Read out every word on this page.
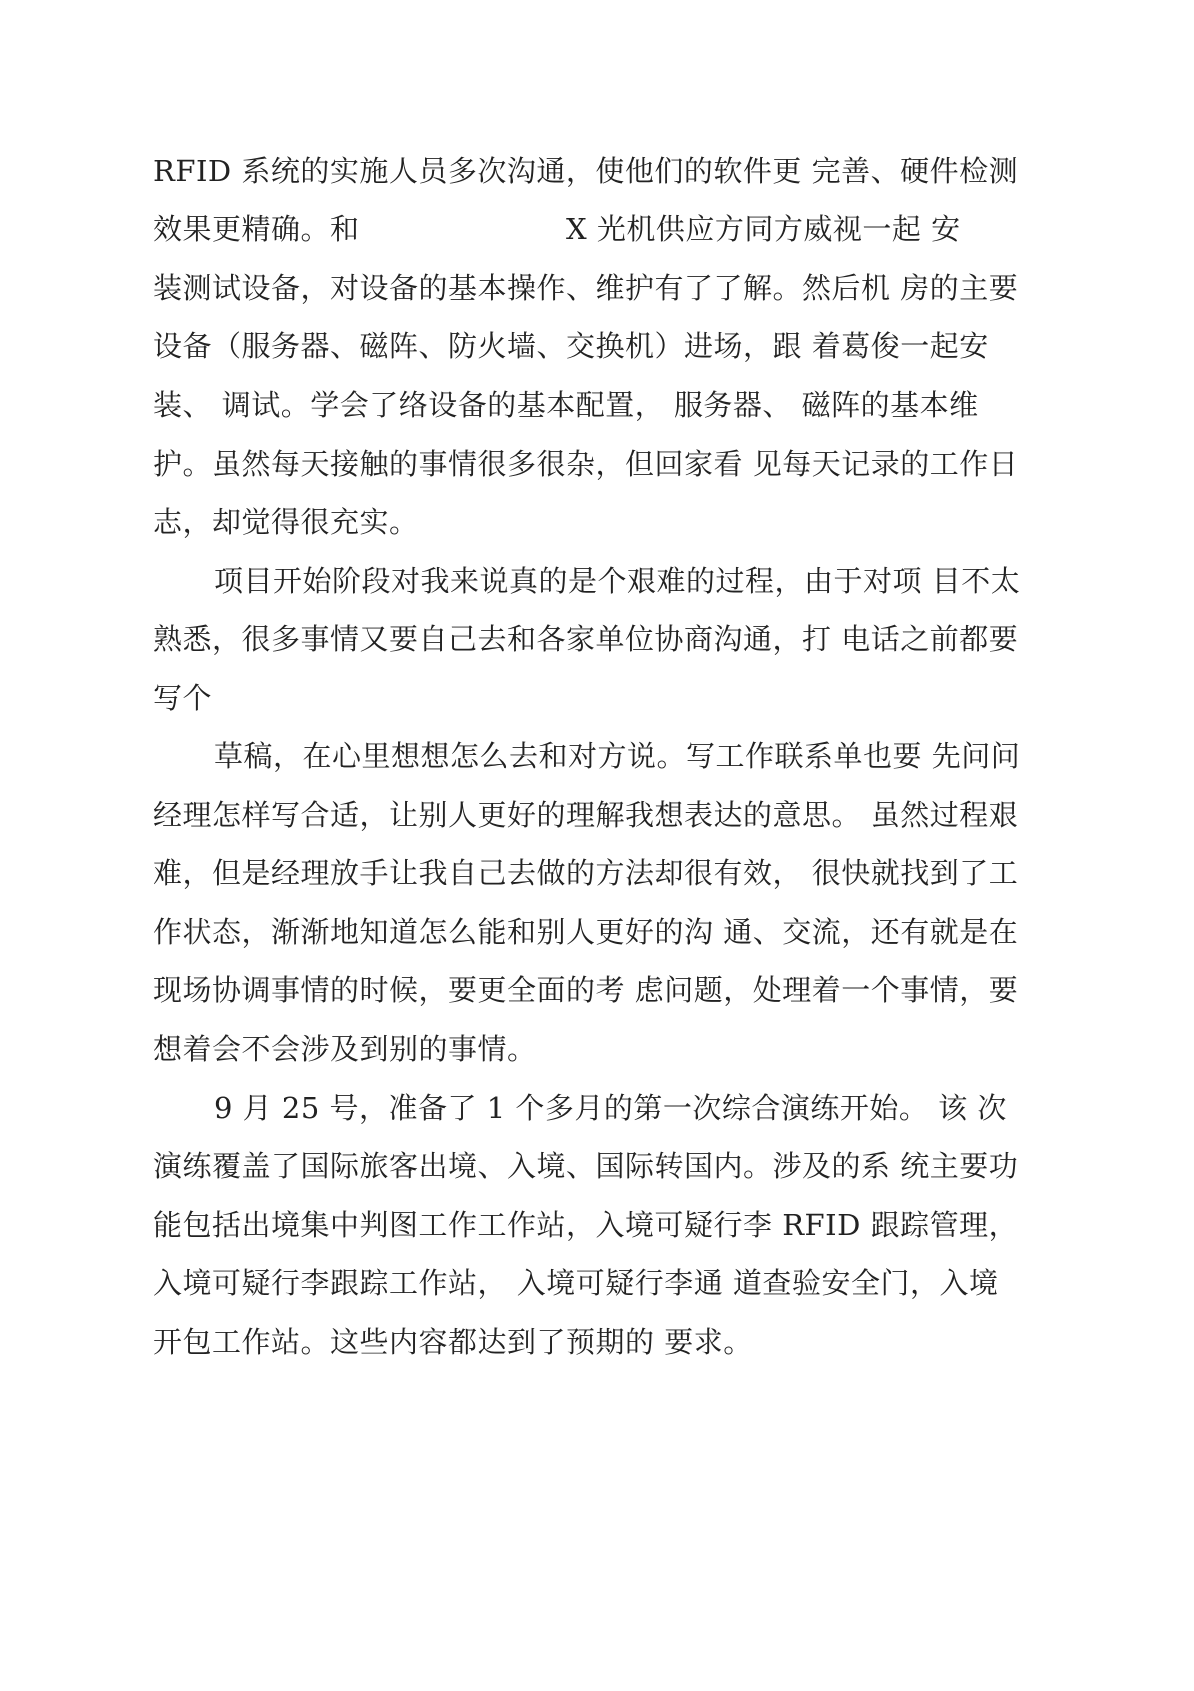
RFID 系统的实施人员多次沟通，使他们的软件更 完善、硬件检测
效果更精确。和	X 光机供应方同方威视一起 安
装测试设备，对设备的基本操作、维护有了了解。然后机 房的主要
设备（服务器、磁阵、防火墙、交换机）进场，跟 着葛俊一起安
装、 调试。学会了络设备的基本配置， 服务器、 磁阵的基本维
护。虽然每天接触的事情很多很杂，但回家看 见每天记录的工作日
志，却觉得很充实。
项目开始阶段对我来说真的是个艰难的过程，由于对项 目不太
熟悉，很多事情又要自己去和各家单位协商沟通，打 电话之前都要
写个
草稿，在心里想想怎么去和对方说。写工作联系单也要 先问问
经理怎样写合适，让别人更好的理解我想表达的意思。 虽然过程艰
难，但是经理放手让我自己去做的方法却很有效， 很快就找到了工
作状态，渐渐地知道怎么能和别人更好的沟 通、交流，还有就是在
现场协调事情的时候，要更全面的考 虑问题，处理着一个事情，要
想着会不会涉及到别的事情。
9 月 25 号，准备了 1 个多月的第一次综合演练开始。 该 次
演练覆盖了国际旅客出境、入境、国际转国内。涉及的系 统主要功
能包括出境集中判图工作工作站，入境可疑行李 RFID 跟踪管理，
入境可疑行李跟踪工作站， 入境可疑行李通 道查验安全门，入境
开包工作站。这些内容都达到了预期的 要求。
